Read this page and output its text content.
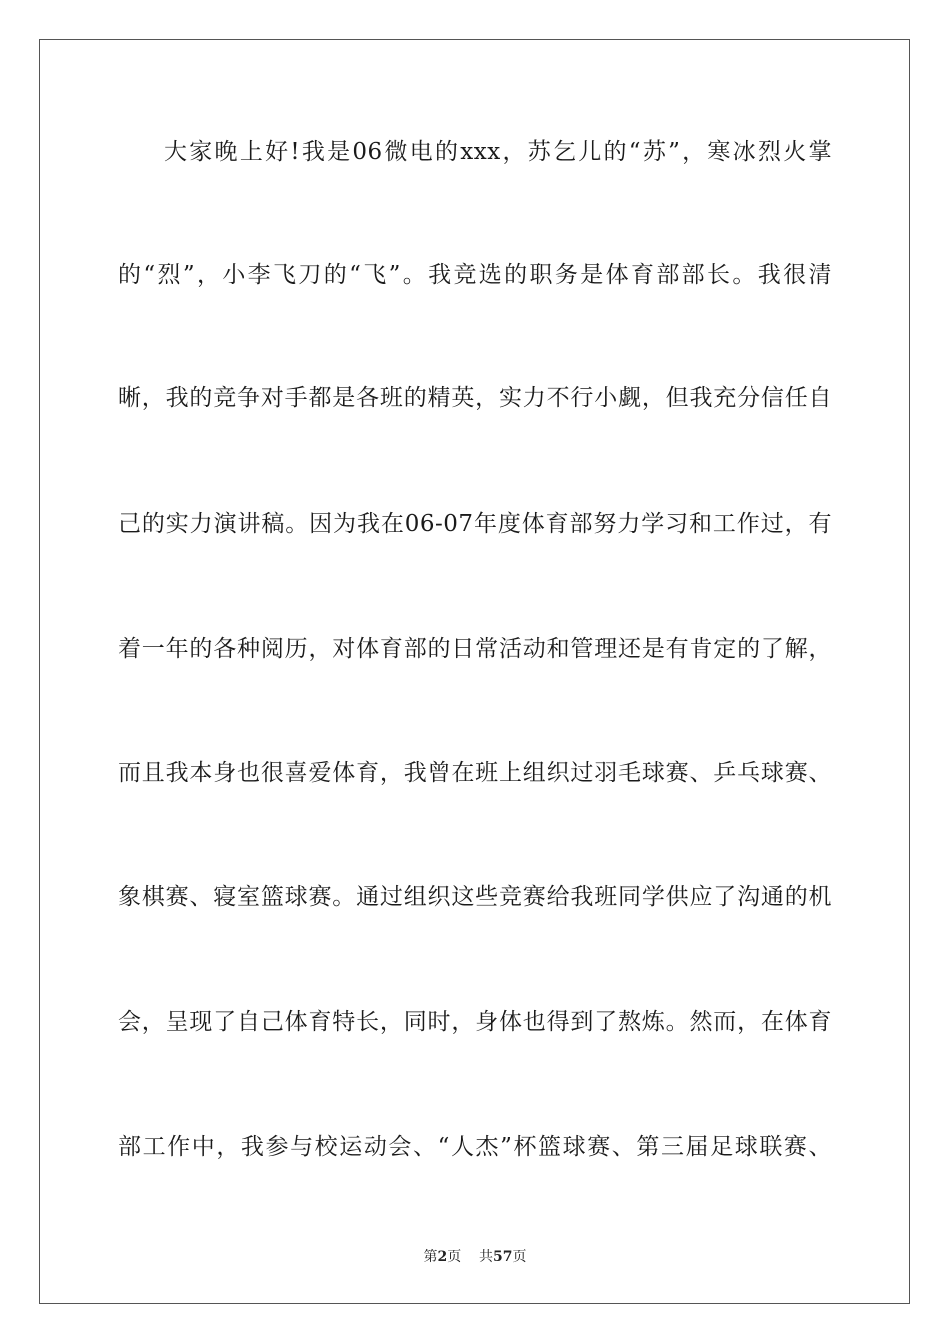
大家晚上好!我是06微电的xxx，苏乞儿的“苏”，寒冰烈火掌
的“烈”，小李飞刀的“飞”。我竞选的职务是体育部部长。我很清
晰，我的竞争对手都是各班的精英，实力不行小觑，但我充分信任自
己的实力演讲稿。因为我在06-07年度体育部努力学习和工作过，有
着一年的各种阅历，对体育部的日常活动和管理还是有肯定的了解，
而且我本身也很喜爱体育，我曾在班上组织过羽毛球赛、乒乓球赛、
象棋赛、寝室篮球赛。通过组织这些竞赛给我班同学供应了沟通的机
会，呈现了自己体育特长，同时，身体也得到了熬炼。然而，在体育
部工作中，我参与校运动会、“人杰”杯篮球赛、第三届足球联赛、
第2页 共57页
